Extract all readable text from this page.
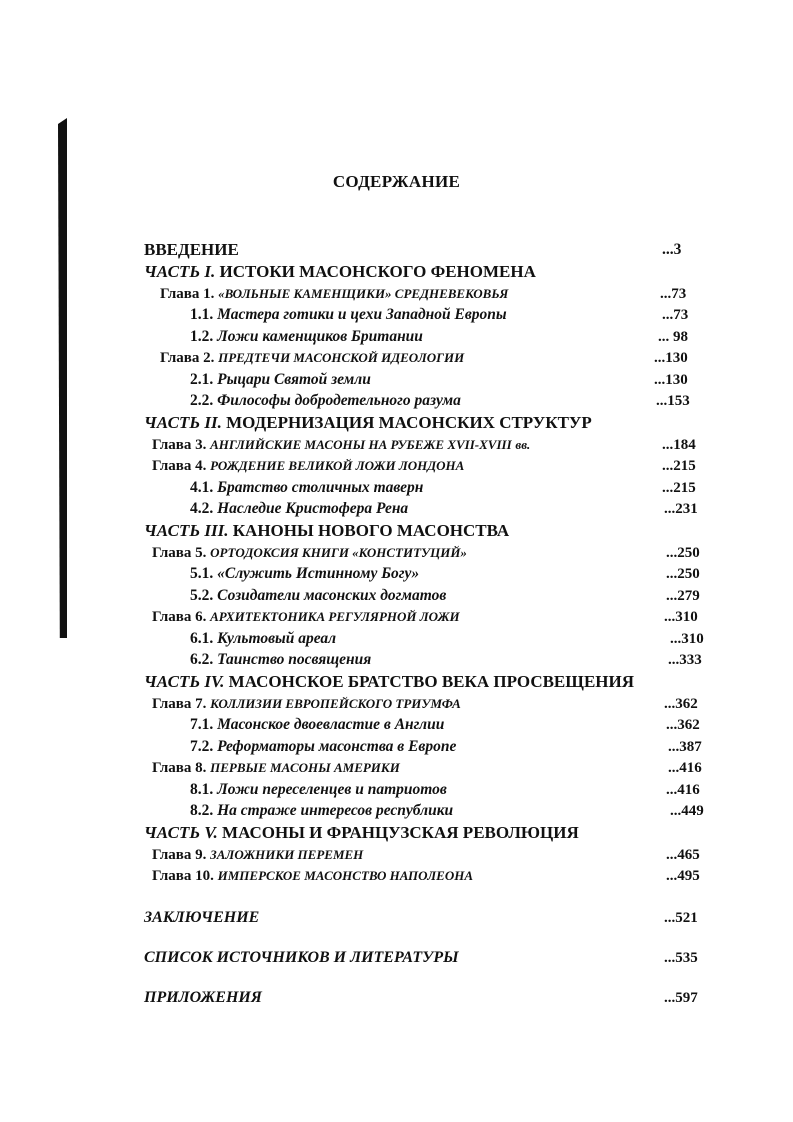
СОДЕРЖАНИЕ
ВВЕДЕНИЕ	...3
ЧАСТЬ I. ИСТОКИ МАСОНСКОГО ФЕНОМЕНА
Глава 1. «ВОЛЬНЫЕ КАМЕНЩИКИ» СРЕДНЕВЕКОВЬЯ	...73
1.1. Мастера готики и цехи Западной Европы	...73
1.2. Ложи каменщиков Британии	... 98
Глава 2. ПРЕДТЕЧИ МАСОНСКОЙ ИДЕОЛОГИИ	...130
2.1. Рыцари Святой земли	...130
2.2. Философы добродетельного разума	...153
ЧАСТЬ II. МОДЕРНИЗАЦИЯ МАСОНСКИХ СТРУКТУР
Глава 3. АНГЛИЙСКИЕ МАСОНЫ НА РУБЕЖЕ XVII-XVIII вв.	...184
Глава 4. РОЖДЕНИЕ ВЕЛИКОЙ ЛОЖИ ЛОНДОНА	...215
4.1. Братство столичных таверн	...215
4.2. Наследие Кристофера Рена	...231
ЧАСТЬ III. КАНОНЫ НОВОГО МАСОНСТВА
Глава 5. ОРТОДОКСИЯ КНИГИ «КОНСТИТУЦИЙ»	...250
5.1. «Служить Истинному Богу»	...250
5.2. Созидатели масонских догматов	...279
Глава 6. АРХИТЕКТОНИКА РЕГУЛЯРНОЙ ЛОЖИ	...310
6.1. Культовый ареал	...310
6.2. Таинство посвящения	...333
ЧАСТЬ IV. МАСОНСКОЕ БРАТСТВО ВЕКА ПРОСВЕЩЕНИЯ
Глава 7. КОЛЛИЗИИ ЕВРОПЕЙСКОГО ТРИУМФА	...362
7.1. Масонское двоевластие в Англии	...362
7.2. Реформаторы масонства в Европе	...387
Глава 8. ПЕРВЫЕ МАСОНЫ АМЕРИКИ	...416
8.1. Ложи переселенцев и патриотов	...416
8.2. На страже интересов республики	...449
ЧАСТЬ V. МАСОНЫ И ФРАНЦУЗСКАЯ РЕВОЛЮЦИЯ
Глава 9. ЗАЛОЖНИКИ ПЕРЕМЕН	...465
Глава 10. ИМПЕРСКОЕ МАСОНСТВО НАПОЛЕОНА	...495
ЗАКЛЮЧЕНИЕ	...521
СПИСОК ИСТОЧНИКОВ И ЛИТЕРАТУРЫ	...535
ПРИЛОЖЕНИЯ	...597
